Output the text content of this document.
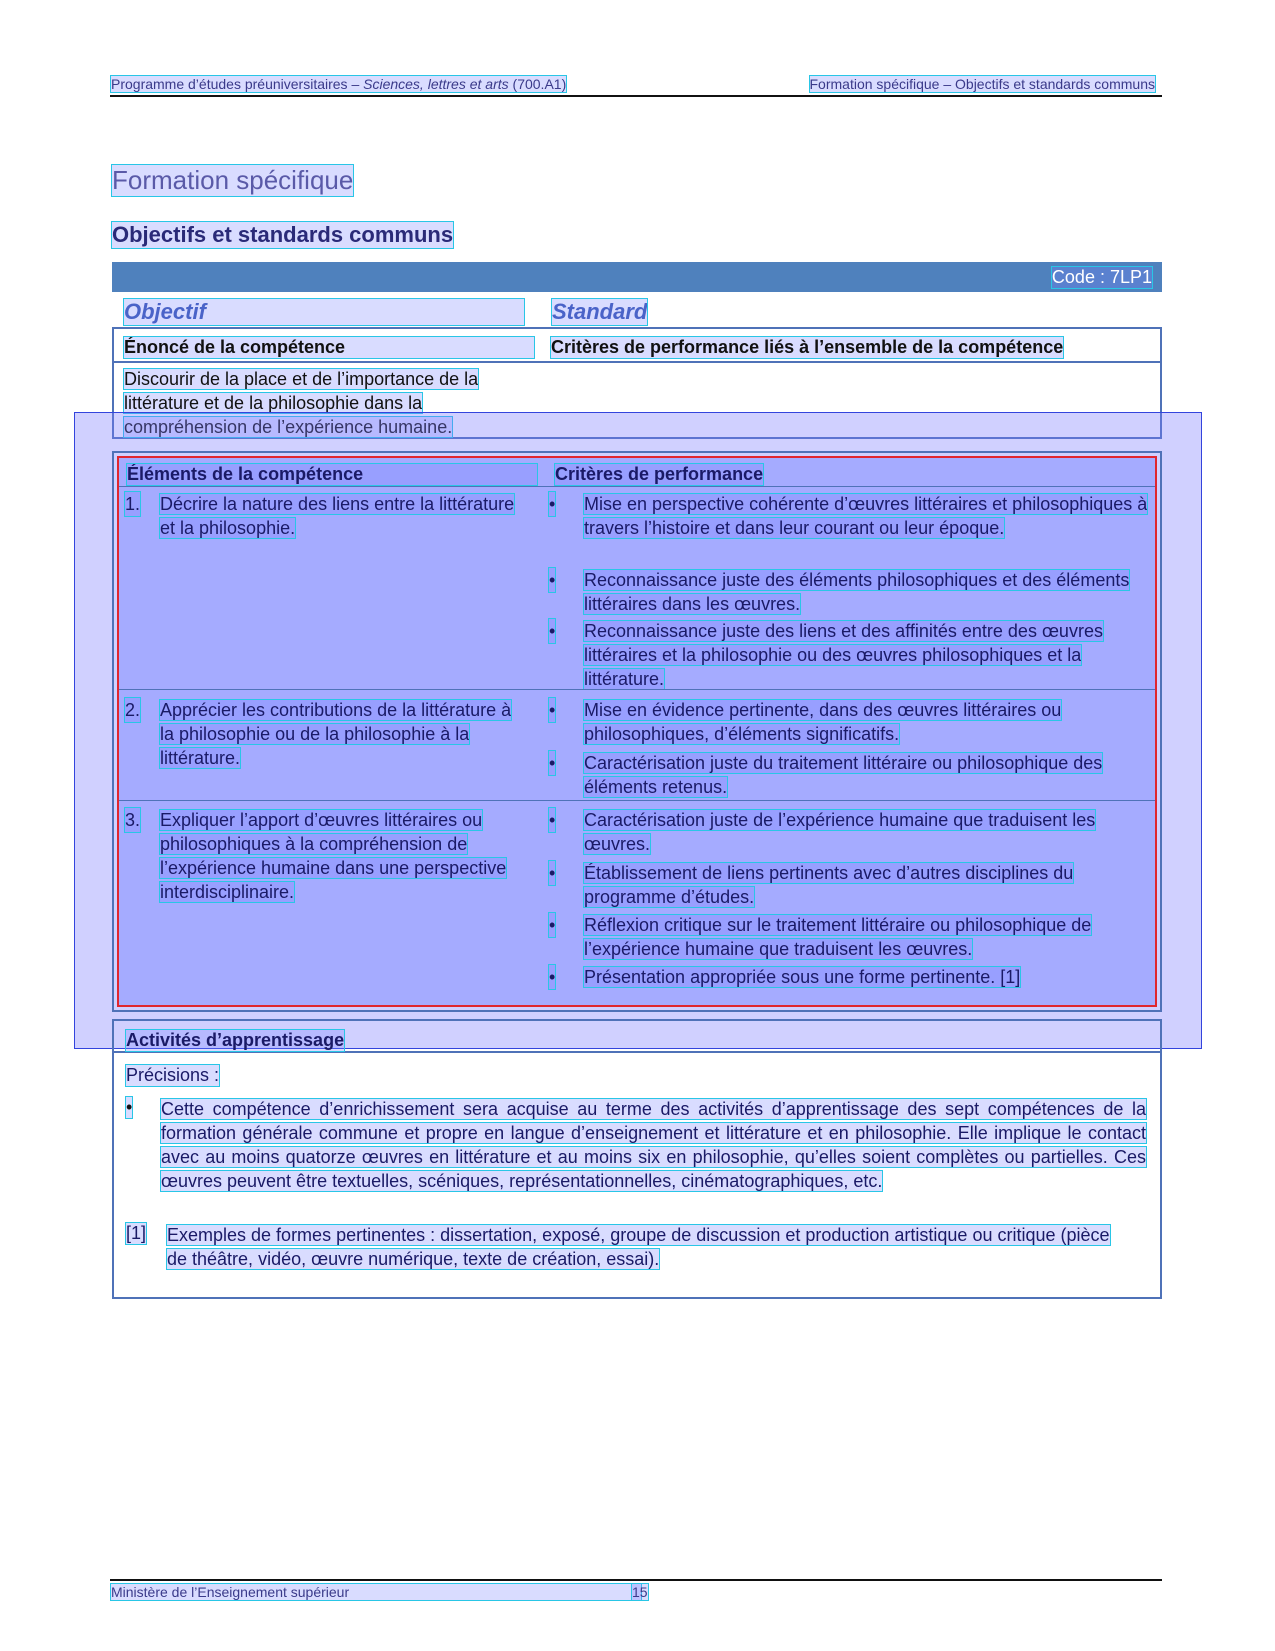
Programme d’études préuniversitaires – Sciences, lettres et arts (700.A1)	Formation spécifique – Objectifs et standards communs
Formation spécifique
Objectifs et standards communs
Code : 7LP1
Objectif	Standard
Énoncé de la compétence	Critères de performance liés à l’ensemble de la compétence
Discourir de la place et de l’importance de la littérature et de la philosophie dans la compréhension de l’expérience humaine.
Éléments de la compétence	Critères de performance
1. Décrire la nature des liens entre la littérature et la philosophie.
• Mise en perspective cohérente d’œuvres littéraires et philosophiques à travers l’histoire et dans leur courant ou leur époque.
• Reconnaissance juste des éléments philosophiques et des éléments littéraires dans les œuvres.
• Reconnaissance juste des liens et des affinités entre des œuvres littéraires et la philosophie ou des œuvres philosophiques et la littérature.
2. Apprécier les contributions de la littérature à la philosophie ou de la philosophie à la littérature.
• Mise en évidence pertinente, dans des œuvres littéraires ou philosophiques, d’éléments significatifs.
• Caractérisation juste du traitement littéraire ou philosophique des éléments retenus.
3. Expliquer l’apport d’œuvres littéraires ou philosophiques à la compréhension de l’expérience humaine dans une perspective interdisciplinaire.
• Caractérisation juste de l’expérience humaine que traduisent les œuvres.
• Établissement de liens pertinents avec d’autres disciplines du programme d’études.
• Réflexion critique sur le traitement littéraire ou philosophique de l’expérience humaine que traduisent les œuvres.
• Présentation appropriée sous une forme pertinente. [1]
Activités d’apprentissage
Précisions :
• Cette compétence d’enrichissement sera acquise au terme des activités d’apprentissage des sept compétences de la formation générale commune et propre en langue d’enseignement et littérature et en philosophie. Elle implique le contact avec au moins quatorze œuvres en littérature et au moins six en philosophie, qu’elles soient complètes ou partielles. Ces œuvres peuvent être textuelles, scéniques, représentationnelles, cinématographiques, etc.
[1] Exemples de formes pertinentes : dissertation, exposé, groupe de discussion et production artistique ou critique (pièce de théâtre, vidéo, œuvre numérique, texte de création, essai).
Ministère de l’Enseignement supérieur	15
